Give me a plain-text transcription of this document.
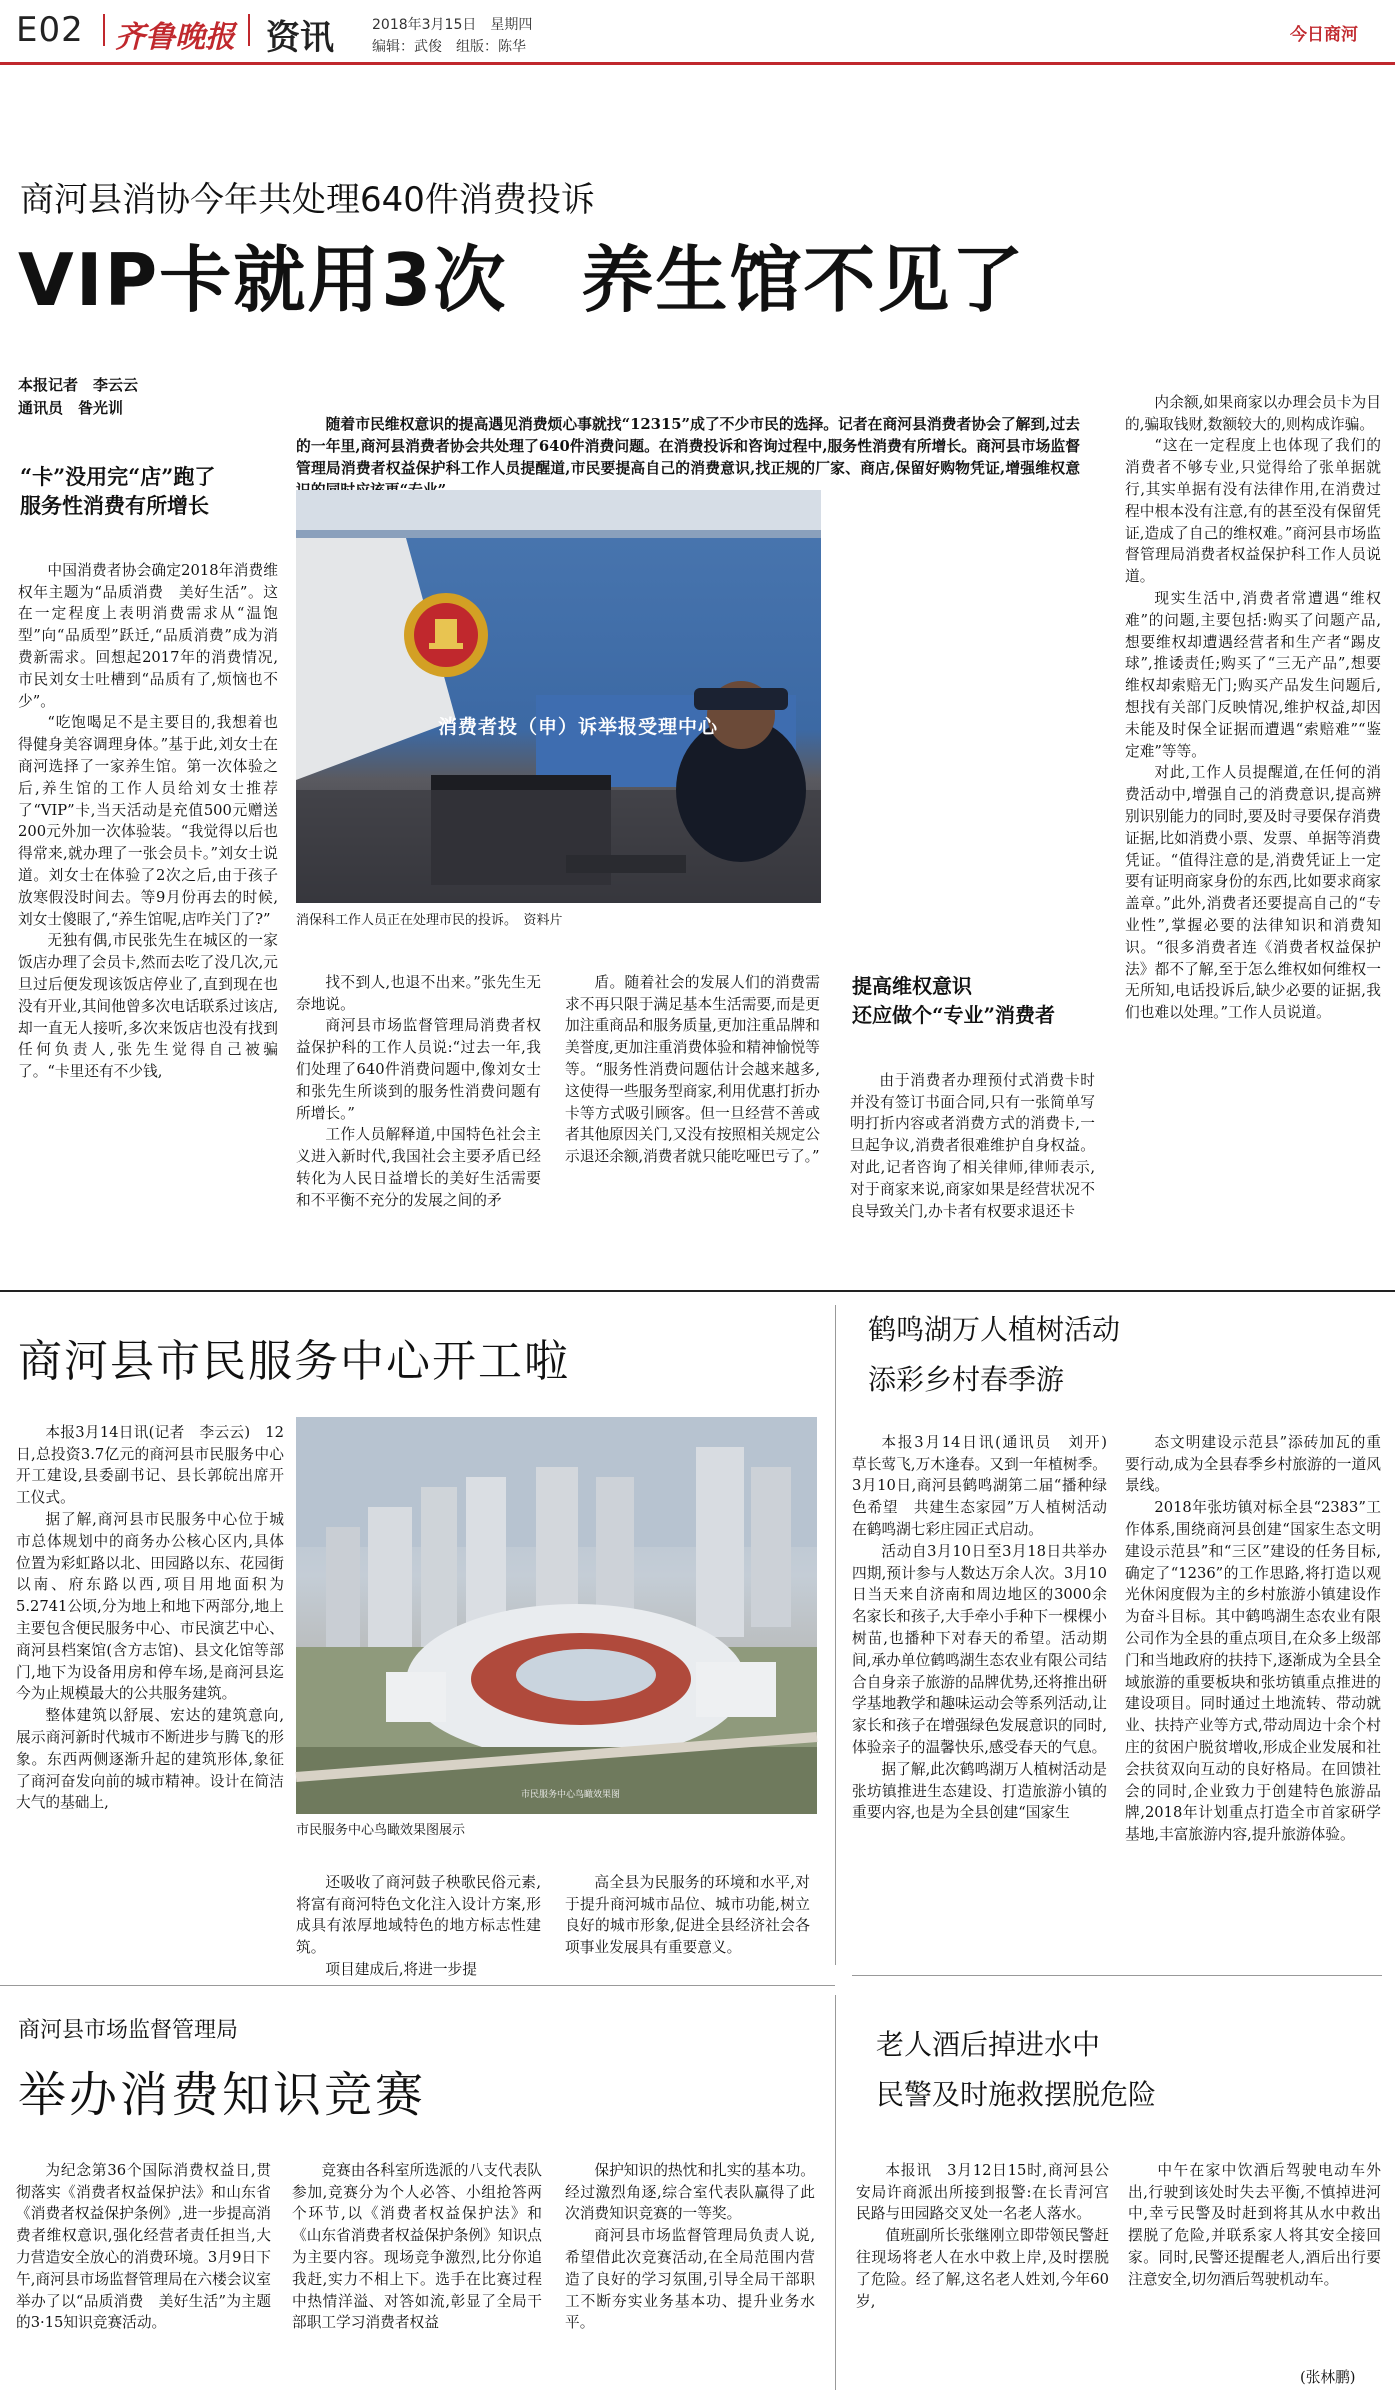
E02 齐鲁晚报 资讯	2018年3月15日　星期四
编辑：武俊　组版：陈华
今日商河
商河县消协今年共处理640件消费投诉
VIP卡就用3次　养生馆不见了
本报记者　李云云
通讯员　昝光训

随着市民维权意识的提高遇见消费烦心事就找“12315”成了不少市民的选择。记者在商河县消费者协会了解到,过去的一年里,商河县消费者协会共处理了640件消费问题。在消费投诉和咨询过程中,服务性消费有所增长。商河县市场监督管理局消费者权益保护科工作人员提醒道,市民要提高自己的消费意识,找正规的厂家、商店,保留好购物凭证,增强维权意

“卡”没用完“店”跑了
服务性消费有所增长

中国消费者协会确定2018年消费维权年主题为“品质消费　美好生活”。这在一定程度上表明消费需求从“温饱型”向“品质型”跃迁,“品质消费”成为消费新需求。回想起2017年的消费情况,市民刘女士吐槽到“品质有了,烦恼也不少”。

“吃饱喝足不是主要目的,我想着也得健身美容调理身体。”基于此,刘女士在商河选择了一家养生馆。第一次体验之后,养生馆的工作人员给刘女士推荐了“VIP”卡,当天活动是充值500元赠送200元外加一次体验装。“我觉得以后也得常来,就办理了一张会员卡。”刘女士说道。刘女士在体验了2次之后,由于孩子放寒假没时间去。等9月份再去的时候,刘女士傻眼了,“养生馆呢,店咋关门了?”

无独有偶,市民张先生在城区的一家饭店办理了会员卡,然而去吃了没几次,元旦过后便发现该饭店停业了,直到现在也没有开业,其间他曾多次电话联系过该店,却一直无人接听,多次来饭店也没有找到任何负责人,张先生觉得自己被骗了。“卡里还有不少钱,

消费者投（申）诉举报受理中心
消保科工作人员正在处理市民的投诉。　资料片

找不到人,也退不出来。”张先生无奈地说。

商河县市场监督管理局消费者权益保护科的工作人员说:“过去一年,我们处理了640件消费问题中,像刘女士和张先生所谈到的服务性消费问题有所增长。”

工作人员解释道,中国特色社会主义进入新时代,我国社会主要矛盾已经转化为人民日益增长的美好生活需要和不平衡不充分的发展之间的矛

盾。随着社会的发展人们的消费需求不再只限于满足基本生活需要,而是更加注重商品和服务质量,更加注重品牌和美誉度,更加注重消费体验和精神愉悦等等。“服务性消费问题估计会越来越多,这使得一些服务型商家,利用优惠打折办卡等方式吸引顾客。但一旦经营不善或者其他原因关门,又没有按照相关规定公示退还余额,消费者就只能吃哑巴亏了。”

提高维权意识
还应做个“专业”消费者

由于消费者办理预付式消费卡时并没有签订书面合同,只有一张简单写明打折内容或者消费方式的消费卡,一旦起争议,消费者很难维护自身权益。对此,记者咨询了相关律师,律师表示,对于商家来说,商家如果是经营状况不良导致关门,办卡者有权要求退还卡

内余额,如果商家以办理会员卡为目的,骗取钱财,数额较大的,则构成诈骗。

“这在一定程度上也体现了我们的消费者不够专业,只觉得给了张单据就行,其实单据有没有法律作用,在消费过程中根本没有注意,有的甚至没有保留凭证,造成了自己的维权难。”商河县市场监督管理局消费者权益保护科工作人员说道。

现实生活中,消费者常遭遇“维权难”的问题,主要包括:购买了问题产品,想要维权却遭遇经营者和生产者“踢皮球”,推诿责任;购买了“三无产品”,想要维权却索赔无门;购买产品发生问题后,想找有关部门反映情况,维护权益,却因未能及时保全证据而遭遇“索赔难”“鉴定难”等等。

对此,工作人员提醒道,在任何的消费活动中,增强自己的消费意识,提高辨别识别能力的同时,要及时寻要保存消费证据,比如消费小票、发票、单据等消费凭证。“值得注意的是,消费凭证上一定要有证明商家身份的东西,比如要求商家盖章。”此外,消费者还要提高自己的“专业性”,掌握必要的法律知识和消费知识。“很多消费者连《消费者权益保护法》都不了解,至于怎么维权如何维权一无所知,电话投诉后,缺少必要的证据,我们也难以处理。”工作人员说道。

商河县市民服务中心开工啦

本报3月14日讯(记者　李云云)　12日,总投资3.7亿元的商河县市民服务中心开工建设,县委副书记、县长郭皖出席开工仪式。

据了解,商河县市民服务中心位于城市总体规划中的商务办公核心区内,具体位置为彩虹路以北、田园路以东、花园街以南、府东路以西,项目用地面积为5.2741公顷,分为地上和地下两部分,地上主要包含便民服务中心、市民演艺中心、商河县档案馆(含方志馆)、县文化馆等部门,地下为设备用房和停车场,是商河县迄今为止规模最大的公共服务建筑。

整体建筑以舒展、宏达的建筑意向,展示商河新时代城市不断进步与腾飞的形象。东西两侧逐渐升起的建筑形体,象征了商河奋发向前的城市精神。设计在简洁大气的基础上,	市民服务中心鸟瞰效果图
市民服务中心鸟瞰效果图展示

还吸收了商河鼓子秧歌民俗元素,将富有商河特色文化注入设计方案,形成具有浓厚地域特色的地方标志性建筑。

项目建成后,将进一步提

高全县为民服务的环境和水平,对于提升商河城市品位、城市功能,树立良好的城市形象,促进全县经济社会各项事业发展具有重要意义。

鹤鸣湖万人植树活动
添彩乡村春季游

本报3月14日讯(通讯员　刘开)　草长莺飞,万木逢春。又到一年植树季。3月10日,商河县鹤鸣湖第二届“播种绿色希望　共建生态家园”万人植树活动在鹤鸣湖七彩庄园正式启动。

活动自3月10日至3月18日共举办四期,预计参与人数达万余人次。3月10日当天来自济南和周边地区的3000余名家长和孩子,大手牵小手种下一棵棵小树苗,也播种下对春天的希望。活动期间,承办单位鹤鸣湖生态农业有限公司结合自身亲子旅游的品牌优势,还将推出研学基地教学和趣味运动会等系列活动,让家长和孩子在增强绿色发展意识的同时,体验亲子的温馨快乐,感受春天的气息。

据了解,此次鹤鸣湖万人植树活动是张坊镇推进生态建设、打造旅游小镇的重要内容,也是为全县创建“国家生

态文明建设示范县”添砖加瓦的重要行动,成为全县春季乡村旅游的一道风景线。

2018年张坊镇对标全县“2383”工作体系,围绕商河县创建“国家生态文明建设示范县”和“三区”建设的任务目标,确定了“1236”的工作思路,将打造以观光休闲度假为主的乡村旅游小镇建设作为奋斗目标。其中鹤鸣湖生态农业有限公司作为全县的重点项目,在众多上级部门和当地政府的扶持下,逐渐成为全县全域旅游的重要板块和张坊镇重点推进的建设项目。同时通过土地流转、带动就业、扶持产业等方式,带动周边十余个村庄的贫困户脱贫增收,形成企业发展和社会扶贫双向互动的良好格局。在回馈社会的同时,企业致力于创建特色旅游品牌,2018年计划重点打造全市首家研学基地,丰富旅游内容,提升旅游体验。

商河县市场监督管理局
举办消费知识竞赛

为纪念第36个国际消费权益日,贯彻落实《消费者权益保护法》和山东省《消费者权益保护条例》,进一步提高消费者维权意识,强化经营者责任担当,大力营造安全放心的消费环境。3月9日下午,商河县市场监督管理局在六楼会议室举办了以“品质消费　美好生活”为主题的3·15知识竞赛活动。

竞赛由各科室所选派的八支代表队参加,竞赛分为个人必答、小组抢答两个环节,以《消费者权益保护法》和《山东省消费者权益保护条例》知识点为主要内容。现场竞争激烈,比分你追我赶,实力不相上下。选手在比赛过程中热情洋溢、对答如流,彰显了全局干部职工学习消费者权益

保护知识的热忱和扎实的基本功。经过激烈角逐,综合室代表队赢得了此次消费知识竞赛的一等奖。

商河县市场监督管理局负责人说,希望借此次竞赛活动,在全局范围内营造了良好的学习氛围,引导全局干部职工不断夯实业务基本功、提升业务水平。

老人酒后掉进水中
民警及时施救摆脱危险

本报讯　3月12日15时,商河县公安局许商派出所接到报警:在长青河宫民路与田园路交叉处一名老人落水。

值班副所长张继刚立即带领民警赶往现场将老人在水中救上岸,及时摆脱了危险。经了解,这名老人姓刘,今年60岁,

中午在家中饮酒后驾驶电动车外出,行驶到该处时失去平衡,不慎掉进河中,幸亏民警及时赶到将其从水中救出摆脱了危险,并联系家人将其安全接回家。同时,民警还提醒老人,酒后出行要注意安全,切勿酒后驾驶机动车。

(张林鹏)
